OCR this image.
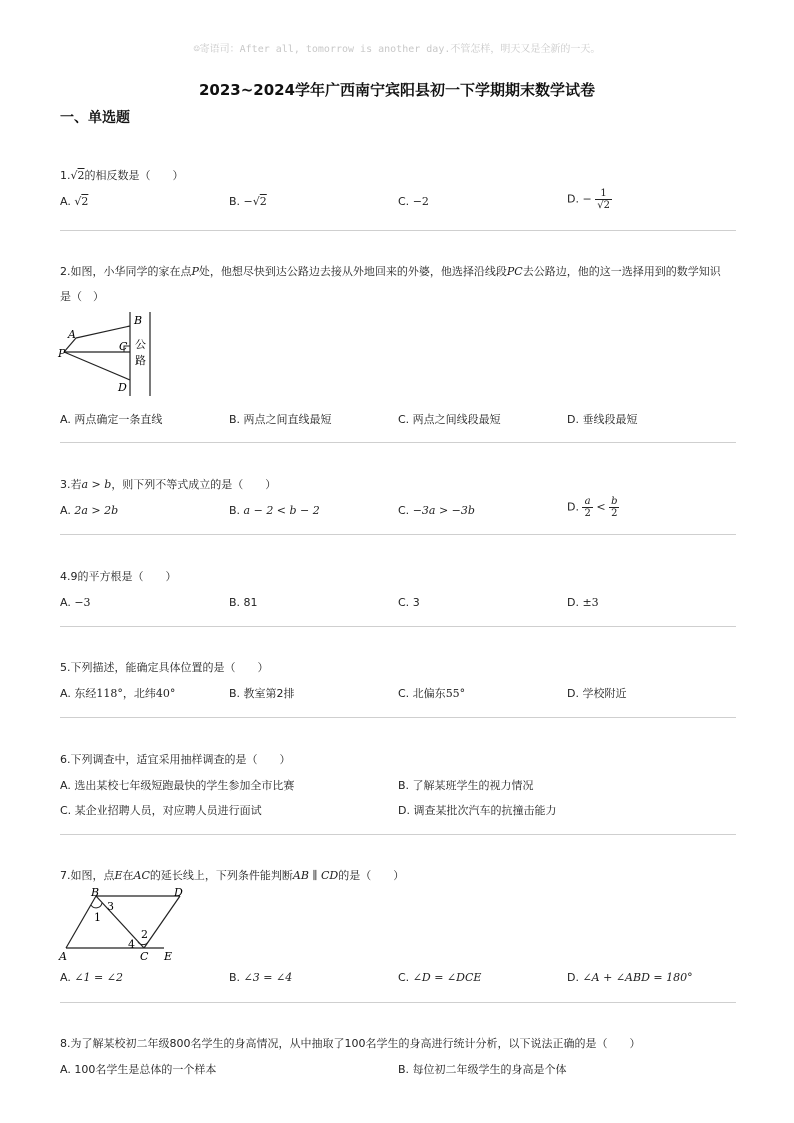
☺寄语司：After all, tomorrow is another day.不管怎样，明天又是全新的一天。
2023~2024学年广西南宁宾阳县初一下学期期末数学试卷
一、单选题
1.√2的相反数是（　　）
A. √2	B. −√2	C. −2	D. − $\frac{1}{√2}$
2.如图，小华同学的家在点P处，他想尽快到达公路边去接从外地回来的外婆，他选择沿线段PC去公路边，他的这一选择用到的数学知识
是（　）
B
A
P
C
D
公
路
A. 两点确定一条直线	B. 两点之间直线最短	C. 两点之间线段最短	D. 垂线段最短
3.若a > b，则下列不等式成立的是（　　）
A. 2a > 2b	B. a − 2 < b − 2	C. −3a > −3b	D. $\frac{a}{2} < \frac{b}{2}$
4.9的平方根是（　　）
A. −3	B. 81	C. 3	D. ±3
5.下列描述，能确定具体位置的是（　　）
A. 东经118°，北纬40°	B. 教室第2排	C. 北偏东55°	D. 学校附近
6.下列调查中，适宜采用抽样调查的是（　　）
A. 选出某校七年级短跑最快的学生参加全市比赛	B. 了解某班学生的视力情况
C. 某企业招聘人员，对应聘人员进行面试	D. 调查某批次汽车的抗撞击能力
7.如图，点E在AC的延长线上，下列条件能判断AB ∥ CD的是（　　）
B	D
A	C E
1
2
3
4
A. ∠1 = ∠2	B. ∠3 = ∠4	C. ∠D = ∠DCE	D. ∠A + ∠ABD = 180°
8.为了解某校初二年级800名学生的身高情况，从中抽取了100名学生的身高进行统计分析，以下说法正确的是（　　）
A. 100名学生是总体的一个样本	B. 每位初二年级学生的身高是个体
